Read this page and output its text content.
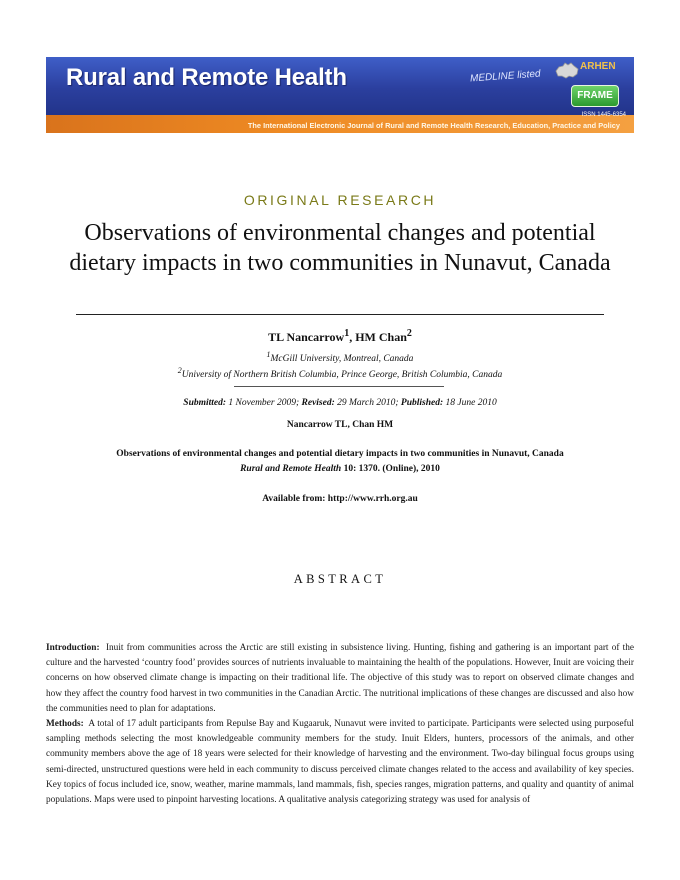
Rural and Remote Health	MEDLINE listed
ARHEN
FRAME
ISSN 1445-6354
The International Electronic Journal of Rural and Remote Health Research, Education, Practice and Policy
ORIGINAL RESEARCH
Observations of environmental changes and potential dietary impacts in two communities in Nunavut, Canada
TL Nancarrow$^1$, HM Chan$^2$
$^1$McGill University, Montreal, Canada
$^2$University of Northern British Columbia, Prince George, British Columbia, Canada
Submitted: 1 November 2009; Revised: 29 March 2010; Published: 18 June 2010
Nancarrow TL, Chan HM
Observations of environmental changes and potential dietary impacts in two communities in Nunavut, Canada
Rural and Remote Health 10: 1370. (Online), 2010
Available from: http://www.rrh.org.au
ABSTRACT

Introduction: Inuit from communities across the Arctic are still existing in subsistence living. Hunting, fishing and gathering is an important part of the culture and the harvested ‘country food’ provides sources of nutrients invaluable to maintaining the health of the populations. However, Inuit are voicing their concerns on how observed climate change is impacting on their traditional life. The objective of this study was to report on observed climate changes and how they affect the country food harvest in two communities in the Canadian Arctic. The nutritional implications of these changes are discussed and also how the communities need to plan for adaptations.

Methods: A total of 17 adult participants from Repulse Bay and Kugaaruk, Nunavut were invited to participate. Participants were selected using purposeful sampling methods selecting the most knowledgeable community members for the study. Inuit Elders, hunters, processors of the animals, and other community members above the age of 18 years were selected for their knowledge of harvesting and the environment. Two-day bilingual focus groups using semi-directed, unstructured questions were held in each community to discuss perceived climate changes related to the access and availability of key species. Key topics of focus included ice, snow, weather, marine mammals, land mammals, fish, species ranges, migration patterns, and quality and quantity of animal populations. Maps were used to pinpoint harvesting locations. A qualitative analysis categorizing strategy was used for analysis of
